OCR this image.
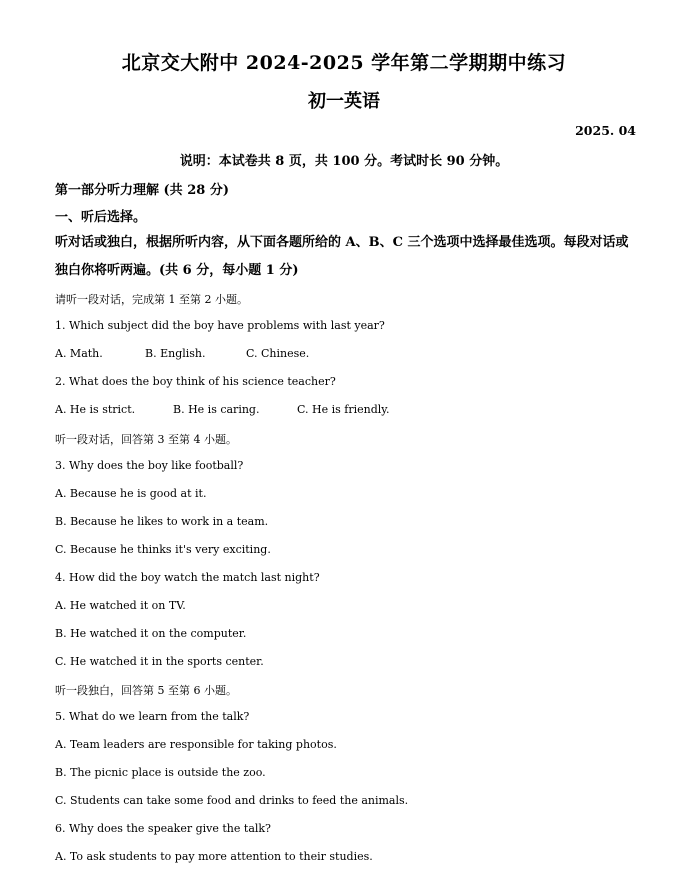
北京交大附中 2024-2025 学年第二学期期中练习
初一英语
2025. 04
说明：本试卷共 8 页，共 100 分。考试时长 90 分钟。
第一部分听力理解 (共 28 分)
一、听后选择。
听对话或独白，根据所听内容，从下面各题所给的 A、B、C 三个选项中选择最佳选项。每段对话或独白你将听两遍。(共 6 分，每小题 1 分)
请听一段对话，完成第 1 至第 2 小题。
1. Which subject did the boy have problems with last year?
A. Math.	B. English.	C. Chinese.
2. What does the boy think of his science teacher?
A. He is strict.	B. He is caring.	C. He is friendly.
听一段对话，回答第 3 至第 4 小题。
3. Why does the boy like football?
A. Because he is good at it.
B. Because he likes to work in a team.
C. Because he thinks it's very exciting.
4. How did the boy watch the match last night?
A. He watched it on TV.
B. He watched it on the computer.
C. He watched it in the sports center.
听一段独白，回答第 5 至第 6 小题。
5. What do we learn from the talk?
A. Team leaders are responsible for taking photos.
B. The picnic place is outside the zoo.
C. Students can take some food and drinks to feed the animals.
6. Why does the speaker give the talk?
A. To ask students to pay more attention to their studies.
